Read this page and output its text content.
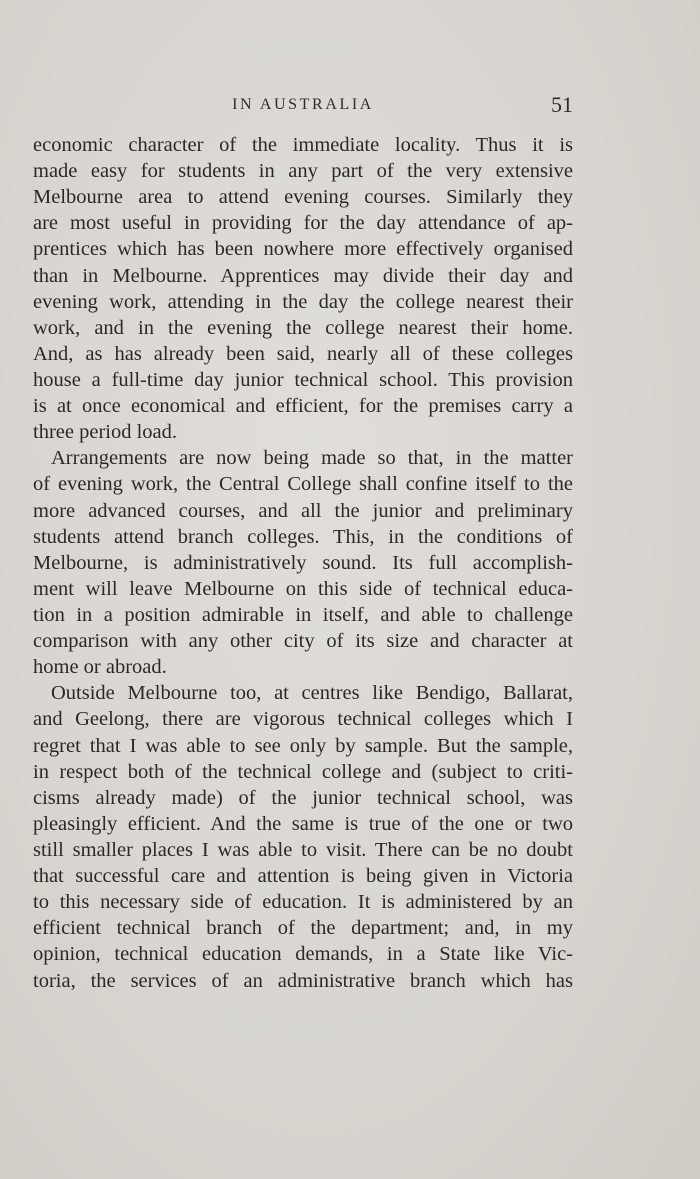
IN AUSTRALIA	51
economic character of the immediate locality. Thus it is
made easy for students in any part of the very extensive
Melbourne area to attend evening courses. Similarly they
are most useful in providing for the day attendance of ap-
prentices which has been nowhere more effectively organised
than in Melbourne. Apprentices may divide their day and
evening work, attending in the day the college nearest their
work, and in the evening the college nearest their home.
And, as has already been said, nearly all of these colleges
house a full-time day junior technical school. This provision
is at once economical and efficient, for the premises carry a
three period load.
Arrangements are now being made so that, in the matter
of evening work, the Central College shall confine itself to the
more advanced courses, and all the junior and preliminary
students attend branch colleges. This, in the conditions of
Melbourne, is administratively sound. Its full accomplish-
ment will leave Melbourne on this side of technical educa-
tion in a position admirable in itself, and able to challenge
comparison with any other city of its size and character at
home or abroad.
Outside Melbourne too, at centres like Bendigo, Ballarat,
and Geelong, there are vigorous technical colleges which I
regret that I was able to see only by sample. But the sample,
in respect both of the technical college and (subject to criti-
cisms already made) of the junior technical school, was
pleasingly efficient. And the same is true of the one or two
still smaller places I was able to visit. There can be no doubt
that successful care and attention is being given in Victoria
to this necessary side of education. It is administered by an
efficient technical branch of the department; and, in my
opinion, technical education demands, in a State like Vic-
toria, the services of an administrative branch which has
